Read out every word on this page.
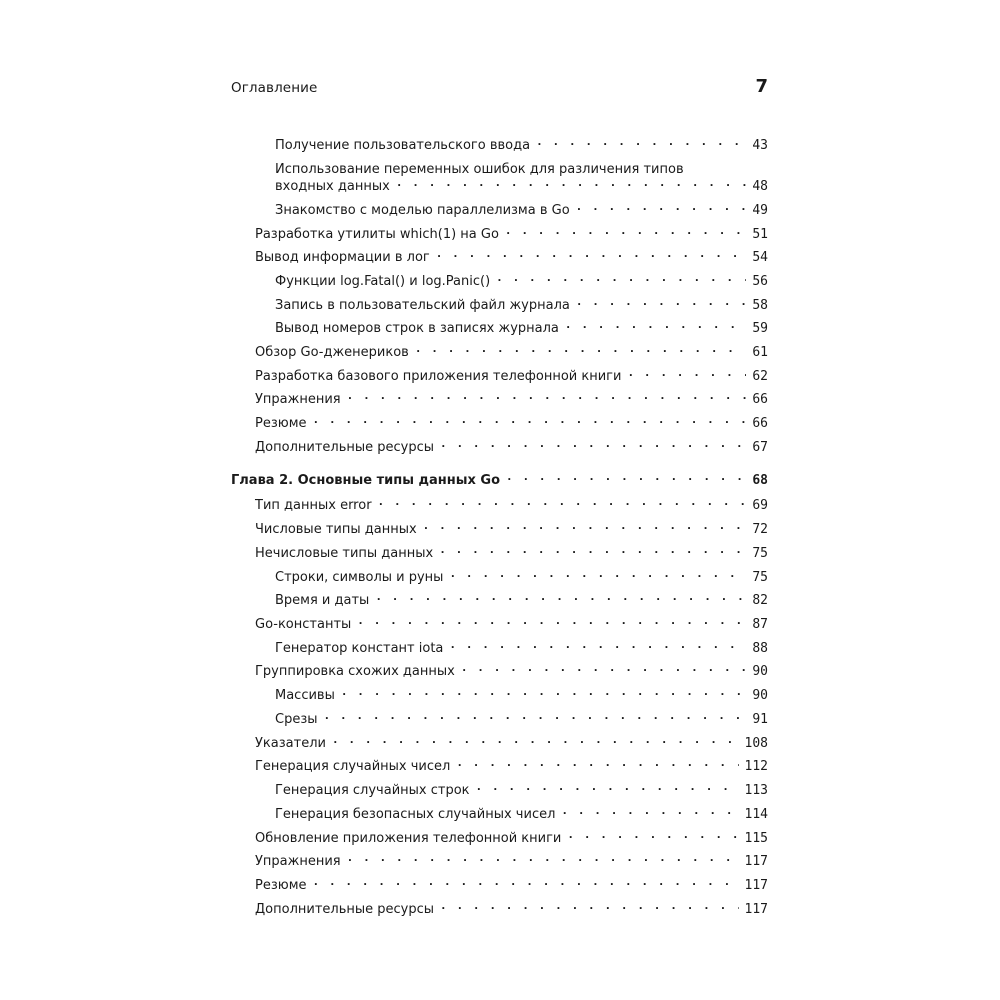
Оглавление	7
Получение пользовательского ввода . . .	43
Использование переменных ошибок для различения типов
входных данных . . .	48
Знакомство с моделью параллелизма в Go . . .	49
Разработка утилиты which(1) на Go . . .	51
Вывод информации в лог . . .	54
Функции log.Fatal() и log.Panic() . . .	56
Запись в пользовательский файл журнала . . .	58
Вывод номеров строк в записях журнала . . .	59
Обзор Go-дженериков . . .	61
Разработка базового приложения телефонной книги . . .	62
Упражнения . . .	66
Резюме . . .	66
Дополнительные ресурсы . . .	67
Глава 2. Основные типы данных Go . . .	68
Тип данных error . . .	69
Числовые типы данных . . .	72
Нечисловые типы данных . . .	75
Строки, символы и руны . . .	75
Время и даты . . .	82
Go-константы . . .	87
Генератор констант iota . . .	88
Группировка схожих данных . . .	90
Массивы . . .	90
Срезы . . .	91
Указатели . . .	108
Генерация случайных чисел . . .	112
Генерация случайных строк . . .	113
Генерация безопасных случайных чисел . . .	114
Обновление приложения телефонной книги . . .	115
Упражнения . . .	117
Резюме . . .	117
Дополнительные ресурсы . . .	117
